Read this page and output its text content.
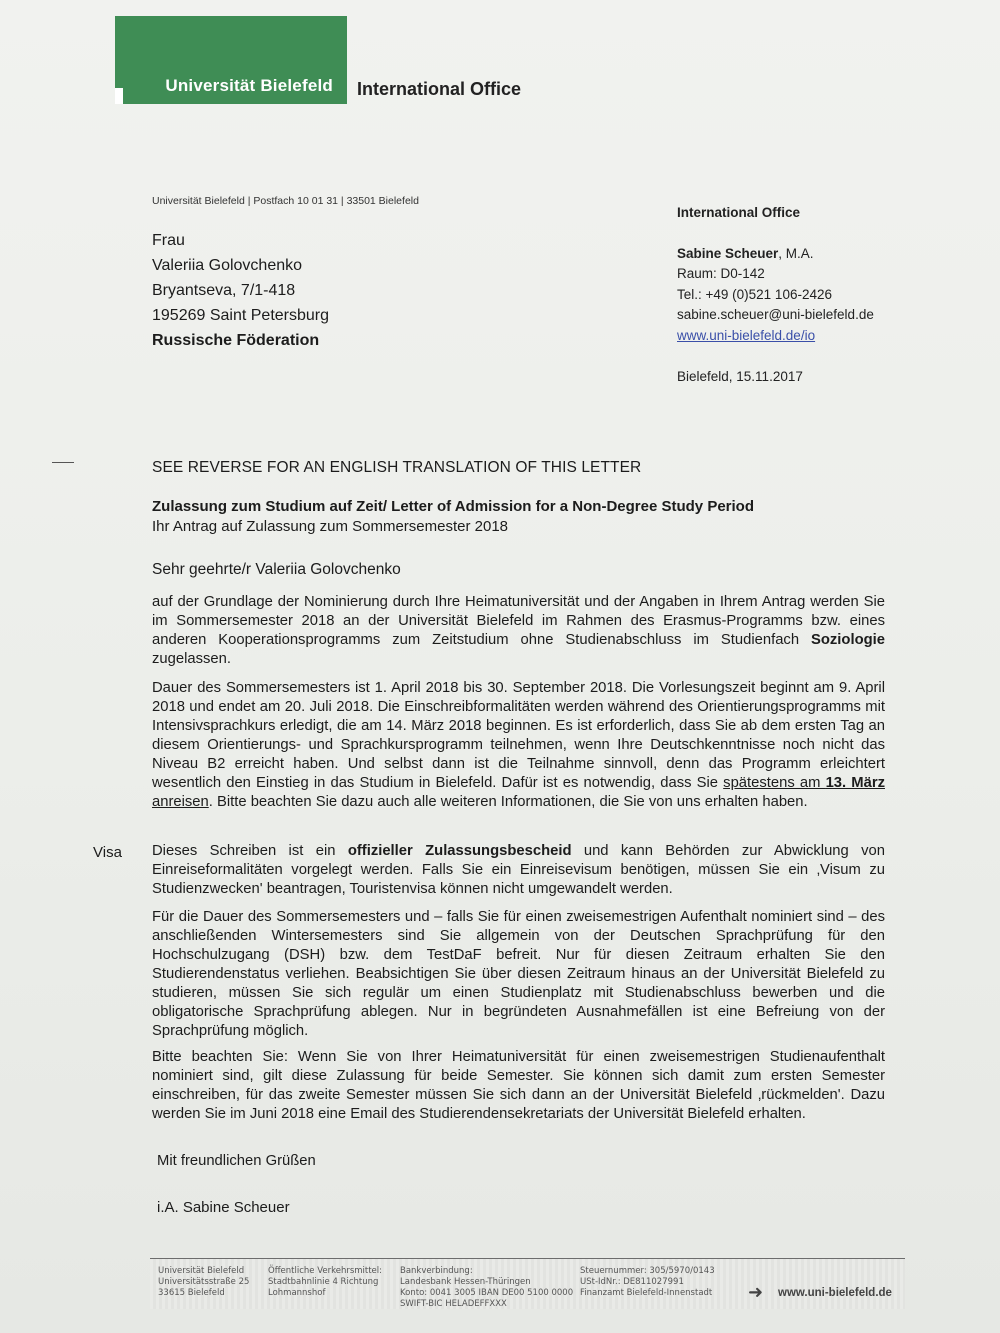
Universität Bielefeld International Office
Universität Bielefeld | Postfach 10 01 31 | 33501 Bielefeld
Frau
Valeriia Golovchenko
Bryantseva, 7/1-418
195269 Saint Petersburg
Russische Föderation
International Office
Sabine Scheuer, M.A.
Raum: D0-142
Tel.: +49 (0)521 106-2426
sabine.scheuer@uni-bielefeld.de
www.uni-bielefeld.de/io
Bielefeld, 15.11.2017
SEE REVERSE FOR AN ENGLISH TRANSLATION OF THIS LETTER
Zulassung zum Studium auf Zeit/ Letter of Admission for a Non-Degree Study Period
Ihr Antrag auf Zulassung zum Sommersemester 2018
Sehr geehrte/r Valeriia Golovchenko
auf der Grundlage der Nominierung durch Ihre Heimatuniversität und der Angaben in Ihrem Antrag werden Sie im Sommersemester 2018 an der Universität Bielefeld im Rahmen des Erasmus-Programms bzw. eines anderen Kooperationsprogramms zum Zeitstudium ohne Studienabschluss im Studienfach Soziologie zugelassen.
Dauer des Sommersemesters ist 1. April 2018 bis 30. September 2018. Die Vorlesungszeit beginnt am 9. April 2018 und endet am 20. Juli 2018. Die Einschreibformalitäten werden während des Orientierungsprogramms mit Intensivsprachkurs erledigt, die am 14. März 2018 beginnen. Es ist erforderlich, dass Sie ab dem ersten Tag an diesem Orientierungs- und Sprachkursprogramm teilnehmen, wenn Ihre Deutschkenntnisse noch nicht das Niveau B2 erreicht haben. Und selbst dann ist die Teilnahme sinnvoll, denn das Programm erleichtert wesentlich den Einstieg in das Studium in Bielefeld. Dafür ist es notwendig, dass Sie spätestens am 13. März anreisen. Bitte beachten Sie dazu auch alle weiteren Informationen, die Sie von uns erhalten haben.
Visa Dieses Schreiben ist ein offizieller Zulassungsbescheid und kann Behörden zur Abwicklung von Einreiseformalitäten vorgelegt werden. Falls Sie ein Einreisevisum benötigen, müssen Sie ein ‚Visum zu Studienzwecken' beantragen, Touristenvisa können nicht umgewandelt werden.
Für die Dauer des Sommersemesters und – falls Sie für einen zweisemestrigen Aufenthalt nominiert sind – des anschließenden Wintersemesters sind Sie allgemein von der Deutschen Sprachprüfung für den Hochschulzugang (DSH) bzw. dem TestDaF befreit. Nur für diesen Zeitraum erhalten Sie den Studierendenstatus verliehen. Beabsichtigen Sie über diesen Zeitraum hinaus an der Universität Bielefeld zu studieren, müssen Sie sich regulär um einen Studienplatz mit Studienabschluss bewerben und die obligatorische Sprachprüfung ablegen. Nur in begründeten Ausnahmefällen ist eine Befreiung von der Sprachprüfung möglich.
Bitte beachten Sie: Wenn Sie von Ihrer Heimatuniversität für einen zweisemestrigen Studienaufenthalt nominiert sind, gilt diese Zulassung für beide Semester. Sie können sich damit zum ersten Semester einschreiben, für das zweite Semester müssen Sie sich dann an der Universität Bielefeld ‚rückmelden'. Dazu werden Sie im Juni 2018 eine Email des Studierendensekretariats der Universität Bielefeld erhalten.
Mit freundlichen Grüßen
i.A. Sabine Scheuer
Universität Bielefeld
Universitätsstraße 25
33615 Bielefeld
Öffentliche Verkehrsmittel:
Stadtbahnlinie 4 Richtung
Lohmannshof
Bankverbindung:
Landesbank Hessen-Thüringen
Konto: 0041 3005 IBAN DE00 5100 0000
SWIFT-BIC HELADEFFXXX
Steuernummer: 305/5970/0143
USt-IdNr.: DE811027991
Finanzamt Bielefeld-Innenstadt	➜ www.uni-bielefeld.de
